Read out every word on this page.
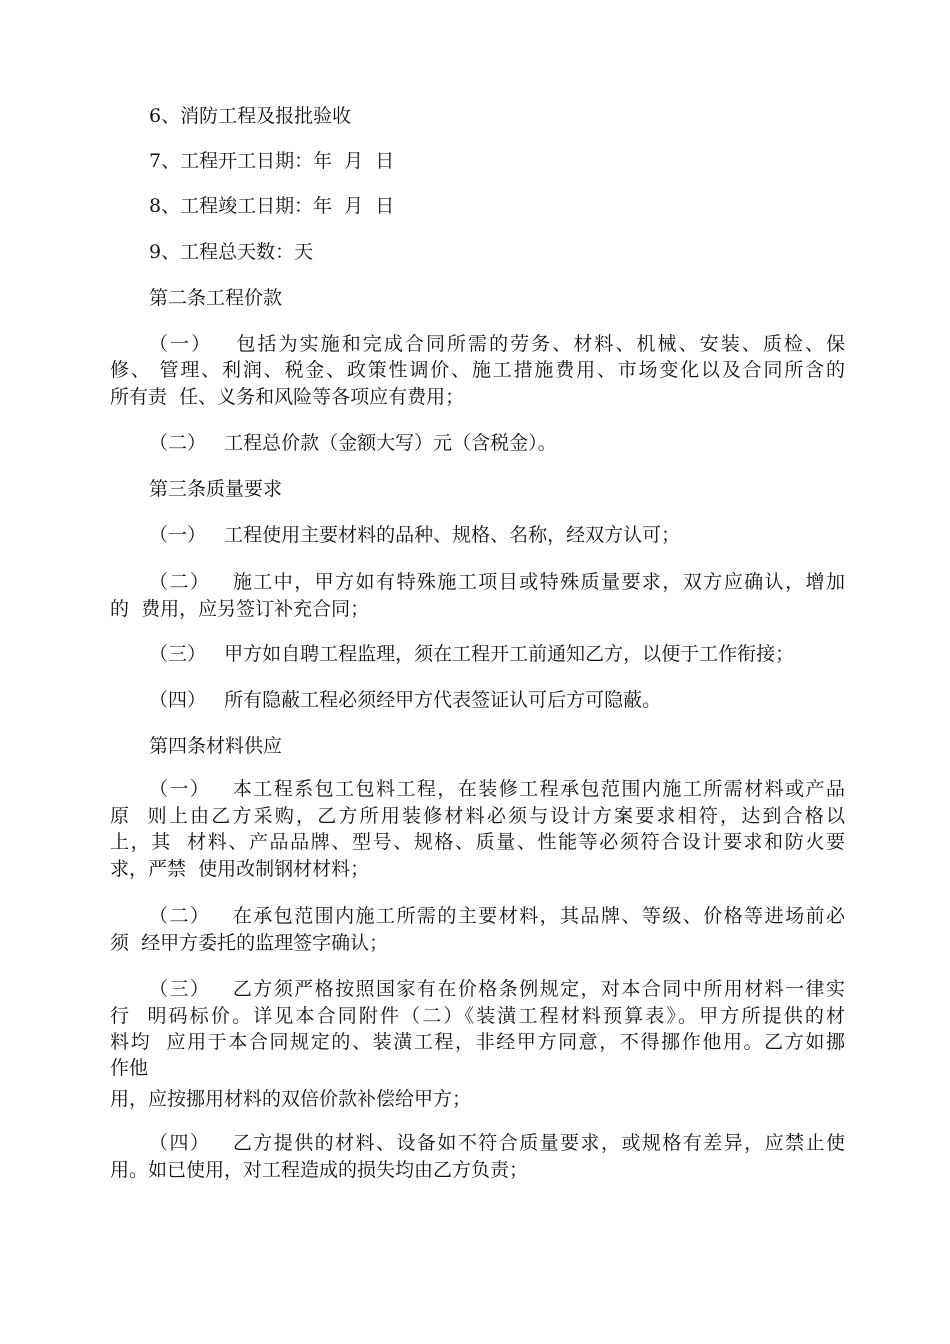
6、消防工程及报批验收
7、工程开工日期：年  月  日
8、工程竣工日期：年  月  日
9、工程总天数：天
第二条工程价款
（一）   包括为实施和完成合同所需的劳务、材料、机械、安装、质检、保
修、 管理、利润、税金、政策性调价、施工措施费用、市场变化以及合同所含的
所有责  任、义务和风险等各项应有费用；
（二）   工程总价款（金额大写）元（含税金）。
第三条质量要求
（一）   工程使用主要材料的品种、规格、名称，经双方认可；
（二）   施工中，甲方如有特殊施工项目或特殊质量要求，双方应确认，增加
的  费用，应另签订补充合同；
（三）   甲方如自聘工程监理，须在工程开工前通知乙方，以便于工作衔接；
（四）   所有隐蔽工程必须经甲方代表签证认可后方可隐蔽。
第四条材料供应
（一）   本工程系包工包料工程，在装修工程承包范围内施工所需材料或产品
原  则上由乙方采购，乙方所用装修材料必须与设计方案要求相符，达到合格以
上，其  材料、产品品牌、型号、规格、质量、性能等必须符合设计要求和防火要
求，严禁  使用改制钢材材料；
（二）   在承包范围内施工所需的主要材料，其品牌、等级、价格等进场前必
须  经甲方委托的监理签字确认；
（三）   乙方须严格按照国家有在价格条例规定，对本合同中所用材料一律实
行  明码标价。详见本合同附件（二）《装潢工程材料预算表》。甲方所提供的材
料均  应用于本合同规定的、装潢工程，非经甲方同意，不得挪作他用。乙方如挪
作他
用，应按挪用材料的双倍价款补偿给甲方；
（四）   乙方提供的材料、设备如不符合质量要求，或规格有差异，应禁止使
用。如已使用，对工程造成的损失均由乙方负责；
